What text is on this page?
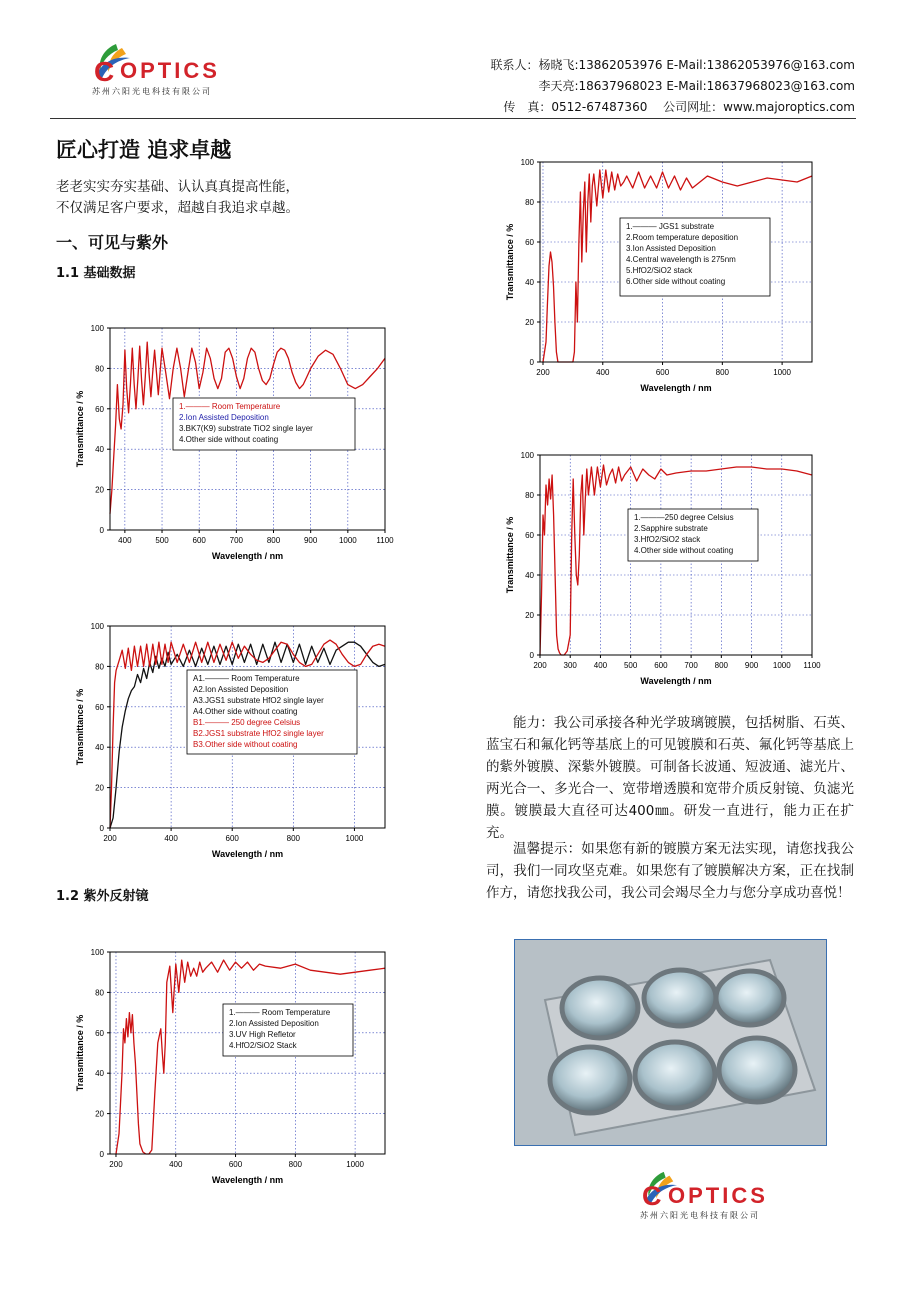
C OPTICS
苏州六阳光电科技有限公司
联系人：杨晓飞:13862053976 E-Mail:13862053976@163.com
李天亮:18637968023 E-Mail:18637968023@163.com
传　真：0512-67487360　 公司网址：www.majoroptics.com
匠心打造 追求卓越
老老实实夯实基础、认认真真提高性能，
不仅满足客户要求，超越自我追求卓越。
一、可见与紫外
1.1 基础数据
1.2 紫外反射镜
400	500	600	700	800	900	1000 1100
0
20
40
60
80
100
Wavelength / nm
Transmittance / %	1.——— Room Temperature
2.Ion Assisted Deposition
3.BK7(K9) substrate TiO2 single layer
4.Other side without coating
200	400	600	800	1000
0
20
40
60
80
100
Wavelength / nm
Transmittance / %
A1.——— Room Temperature
A2.Ion Assisted Deposition
A3.JGS1 substrate HfO2 single layer
A4.Other side without coating
B1.——— 250 degree Celsius
B2.JGS1 substrate HfO2 single layer
B3.Other side without coating
200	400	600	800	1000
0
20
40
60
80
100
Wavelength / nm
Transmittance / %
1.——— Room Temperature
2.Ion Assisted Deposition
3.UV High Refletor
4.HfO2/SiO2 Stack
200	400	600	800	1000
0
20
40
60
80
100
Wavelength / nm
Transmittance / %	1.——— JGS1 substrate
2.Room temperature deposition
3.Ion Assisted Deposition
4.Central wavelength is 275nm
5.HfO2/SiO2 stack
6.Other side without coating
200 300 400 500 600 700 800 900 1000 1100
0
20
40
60
80
100
Wavelength / nm
Transmittance / %	1.———250 degree Celsius
2.Sapphire substrate
3.HfO2/SiO2 stack
4.Other side without coating
能力：我公司承接各种光学玻璃镀膜，包括树脂、石英、蓝宝石和氟化钙等基底上的可见镀膜和石英、氟化钙等基底上的紫外镀膜、深紫外镀膜。可制备长波通、短波通、滤光片、两光合一、多光合一、宽带增透膜和宽带介质反射镜、负滤光膜。镀膜最大直径可达400㎜。研发一直进行，能力正在扩充。
温馨提示：如果您有新的镀膜方案无法实现，请您找我公司，我们一同攻坚克难。如果您有了镀膜解决方案，正在找制作方，请您找我公司，我公司会竭尽全力与您分享成功喜悦！
C OPTICS
苏州六阳光电科技有限公司
